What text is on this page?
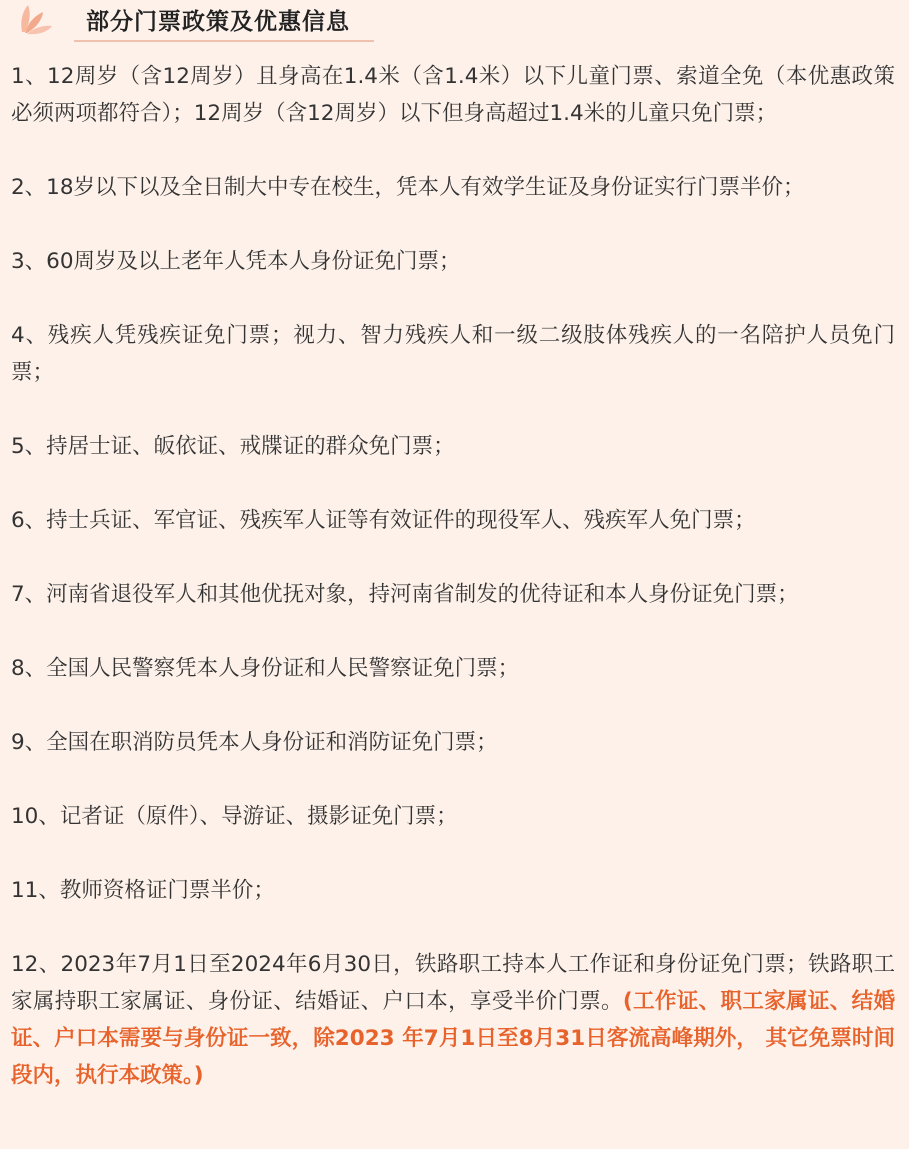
部分门票政策及优惠信息

1、12周岁（含12周岁）且身高在1.4米（含1.4米）以下儿童门票、索道全免（本优惠政策必须两项都符合）；12周岁（含12周岁）以下但身高超过1.4米的儿童只免门票；

2、18岁以下以及全日制大中专在校生，凭本人有效学生证及身份证实行门票半价；

3、60周岁及以上老年人凭本人身份证免门票；

4、残疾人凭残疾证免门票；视力、智力残疾人和一级二级肢体残疾人的一名陪护人员免门票；

5、持居士证、皈依证、戒牒证的群众免门票；

6、持士兵证、军官证、残疾军人证等有效证件的现役军人、残疾军人免门票；

7、河南省退役军人和其他优抚对象，持河南省制发的优待证和本人身份证免门票；

8、全国人民警察凭本人身份证和人民警察证免门票；

9、全国在职消防员凭本人身份证和消防证免门票；

10、记者证（原件）、导游证、摄影证免门票；

11、教师资格证门票半价；

12、2023年7月1日至2024年6月30日，铁路职工持本人工作证和身份证免门票；铁路职工家属持职工家属证、身份证、结婚证、户口本，享受半价门票。(工作证、职工家属证、结婚证、户口本需要与身份证一致，除2023 年7月1日至8月31日客流高峰期外， 其它免票时间段内，执行本政策。)
